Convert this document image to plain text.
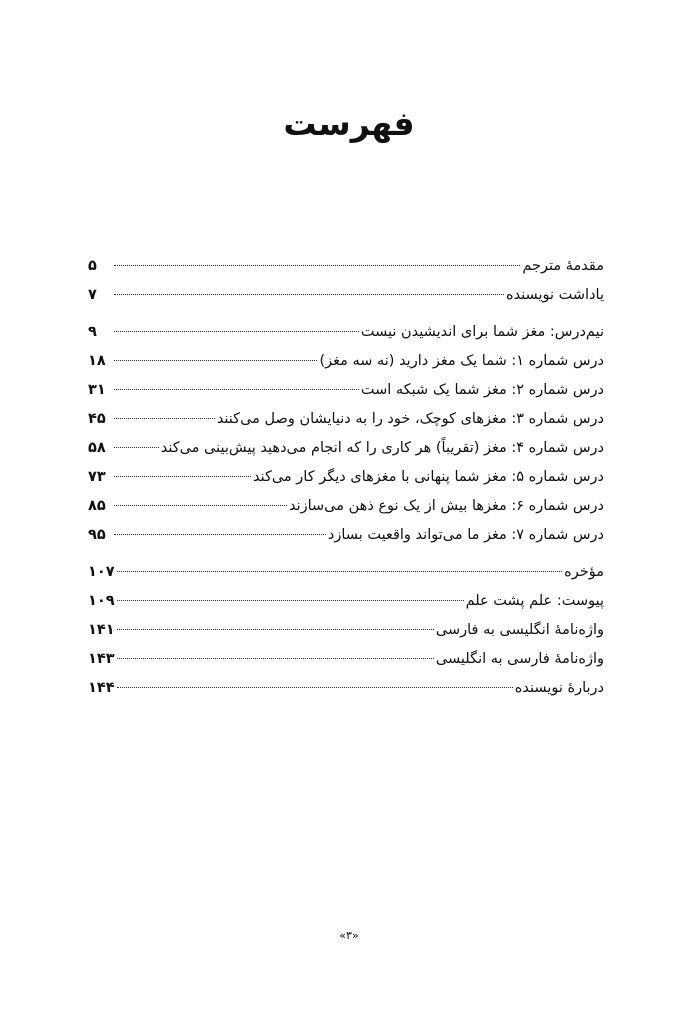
فهرست
مقدمهٔ مترجم
۵
یاداشت نویسنده
۷
نیم‌درس: مغز شما برای اندیشیدن نیست
۹
درس شماره ۱: شما یک مغز دارید (نه سه مغز)
۱۸
درس شماره ۲: مغز شما یک شبکه است
۳۱
درس شماره ۳: مغزهای کوچک، خود را به دنیایشان وصل می‌کنند
۴۵
درس شماره ۴: مغز (تقریباً) هر کاری را که انجام می‌دهید پیش‌بینی می‌کند
۵۸
درس شماره ۵: مغز شما پنهانی با مغزهای دیگر کار می‌کند
۷۳
درس شماره ۶: مغزها بیش از یک نوع ذهن می‌سازند
۸۵
درس شماره ۷: مغز ما می‌تواند واقعیت بسازد
۹۵
مؤخره
۱۰۷
پیوست: علم پشت علم
۱۰۹
واژه‌نامهٔ انگلیسی به فارسی
۱۴۱
واژه‌نامهٔ فارسی به انگلیسی
۱۴۳
دربارهٔ نویسنده
۱۴۴
«۳»
